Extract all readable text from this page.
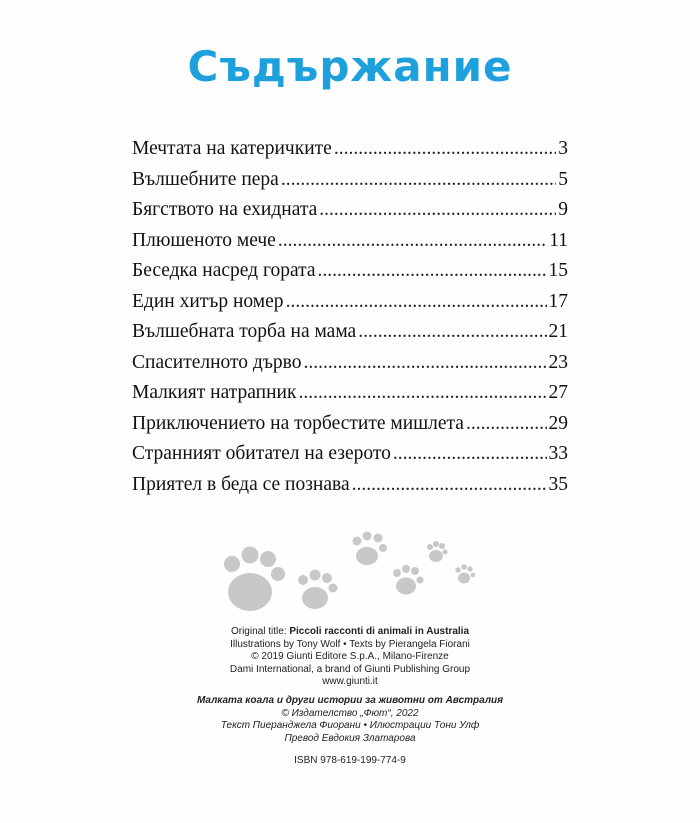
Съдържание
Мечтата на катеричките .....	3
Вълшебните пера .....	5
Бягството на ехидната .....	9
Плюшеното мече .....	11
Беседка насред гората .....	15
Един хитър номер .....	17
Вълшебната торба на мама .....	21
Спасителното дърво .....	23
Малкият натрапник .....	27
Приключението на торбестите мишлета .....	29
Странният обитател на езерото .....	33
Приятел в беда се познава .....	35
Original title: Piccoli racconti di animali in Australia
Illustrations by Tony Wolf • Texts by Pierangela Fiorani
© 2019 Giunti Editore S.p.A., Milano-Firenze
Dami International, a brand of Giunti Publishing Group
www.giunti.it
Малката коала и други истории за животни от Австралия
© Издателство „Фют“, 2022
Текст Пиеранджела Фиорани • Илюстрации Тони Улф
Превод Евдокия Златарова
ISBN 978-619-199-774-9
